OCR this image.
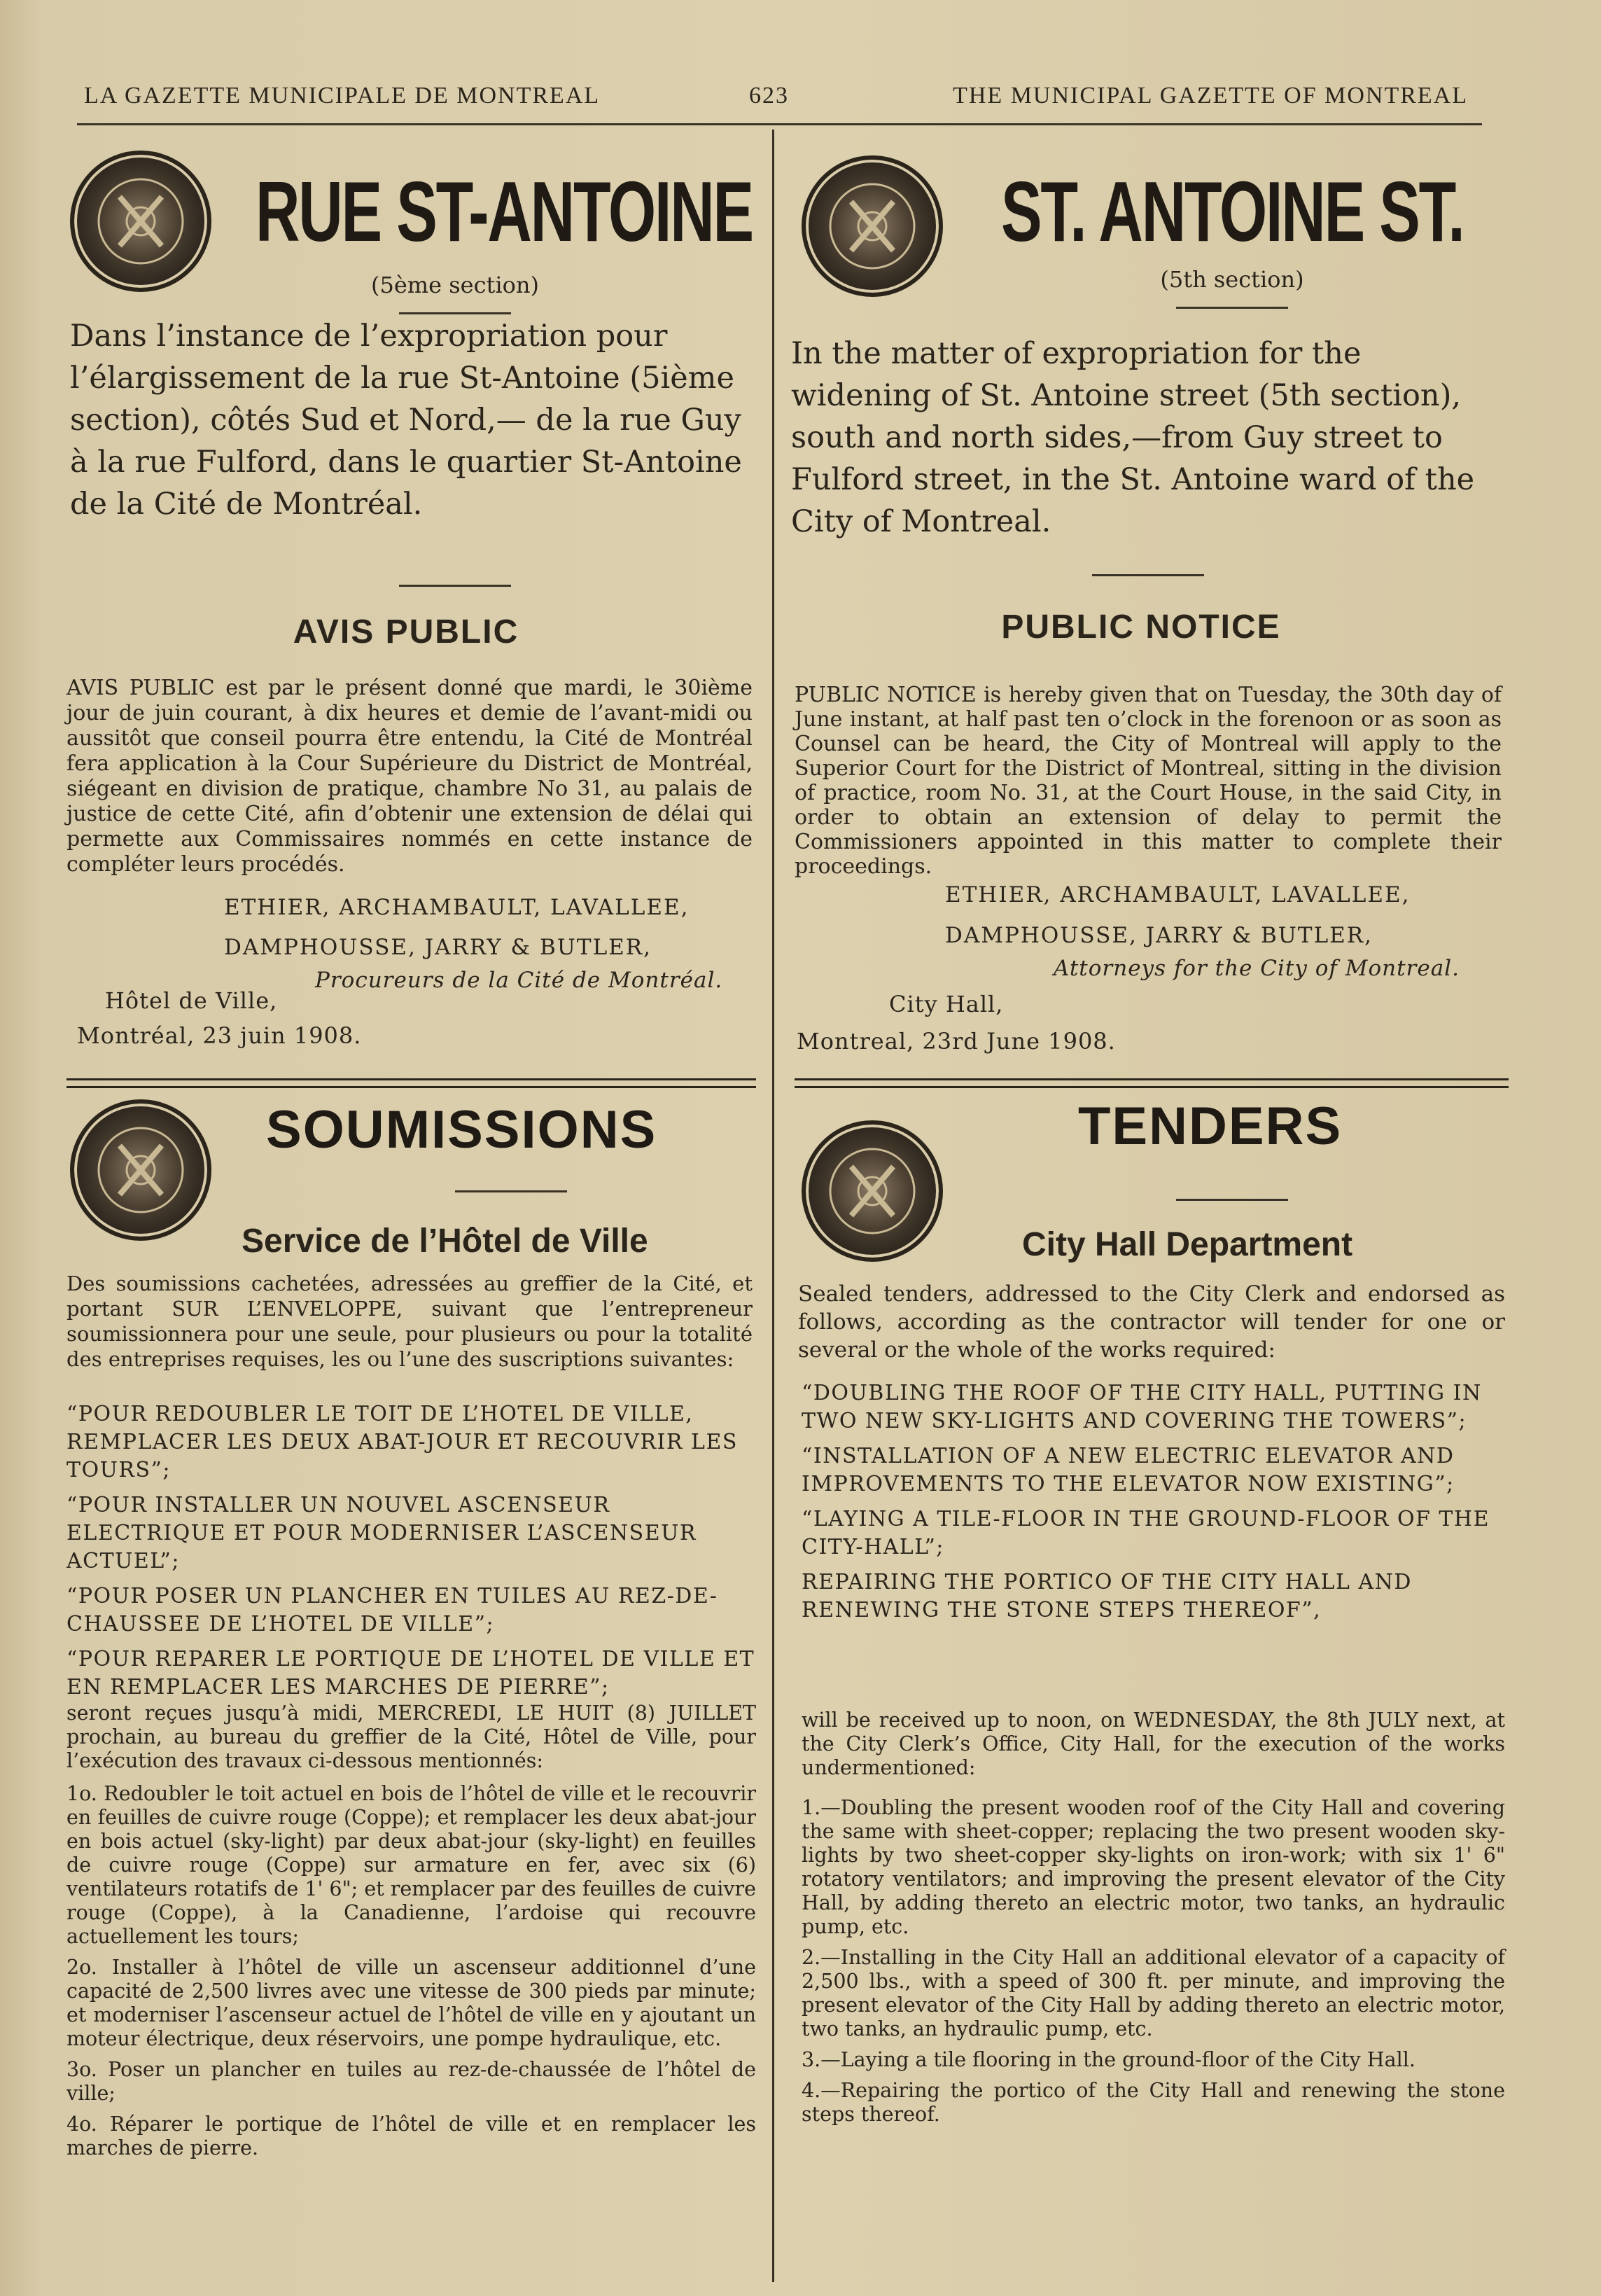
LA GAZETTE MUNICIPALE DE MONTREAL	623	THE MUNICIPAL GAZETTE OF MONTREAL
RUE ST-ANTOINE
(5ème section)
Dans l’instance de l’expropriation pour l’élargissement de la rue St-Antoine (5ième section), côtés Sud et Nord,— de la rue Guy à la rue Fulford, dans le quartier St-Antoine de la Cité de Montréal.
AVIS PUBLIC
AVIS PUBLIC est par le présent donné que mardi, le 30ième jour de juin courant, à dix heures et demie de l’avant-midi ou aussitôt que conseil pourra être entendu, la Cité de Montréal fera application à la Cour Supérieure du District de Montréal, siégeant en division de pratique, chambre No 31, au palais de justice de cette Cité, afin d’obtenir une extension de délai qui permette aux Commissaires nommés en cette instance de compléter leurs procédés.
ETHIER, ARCHAMBAULT, LAVALLEE,
DAMPHOUSSE, JARRY & BUTLER,
Procureurs de la Cité de Montréal.
Hôtel de Ville,
Montréal, 23 juin 1908.
SOUMISSIONS
Service de l’Hôtel de Ville
Des soumissions cachetées, adressées au greffier de la Cité, et portant SUR L’ENVELOPPE, suivant que l’entrepreneur soumissionnera pour une seule, pour plusieurs ou pour la totalité des entreprises requises, les ou l’une des suscriptions suivantes:

“POUR REDOUBLER LE TOIT DE L’HOTEL DE VILLE, REMPLACER LES DEUX ABAT-JOUR ET RECOUVRIR LES TOURS”;

“POUR INSTALLER UN NOUVEL ASCENSEUR ELECTRIQUE ET POUR MODERNISER L’ASCENSEUR ACTUEL”;

“POUR POSER UN PLANCHER EN TUILES AU REZ-DE-CHAUSSEE DE L’HOTEL DE VILLE”;

“POUR REPARER LE PORTIQUE DE L’HOTEL DE VILLE ET EN REMPLACER LES MARCHES DE PIERRE”;

seront reçues jusqu’à midi, MERCREDI, LE HUIT (8) JUILLET prochain, au bureau du greffier de la Cité, Hôtel de Ville, pour l’exécution des travaux ci-dessous mentionnés:

1o. Redoubler le toit actuel en bois de l’hôtel de ville et le recouvrir en feuilles de cuivre rouge (Coppe); et remplacer les deux abat-jour en bois actuel (sky-light) par deux abat-jour (sky-light) en feuilles de cuivre rouge (Coppe) sur armature en fer, avec six (6) ventilateurs rotatifs de 1' 6"; et remplacer par des feuilles de cuivre rouge (Coppe), à la Canadienne, l’ardoise qui recouvre actuellement les tours;

2o. Installer à l’hôtel de ville un ascenseur additionnel d’une capacité de 2,500 livres avec une vitesse de 300 pieds par minute; et moderniser l’ascenseur actuel de l’hôtel de ville en y ajoutant un moteur électrique, deux réservoirs, une pompe hydraulique, etc.

3o. Poser un plancher en tuiles au rez-de-chaussée de l’hôtel de ville;

4o. Réparer le portique de l’hôtel de ville et en remplacer les marches de pierre.

ST. ANTOINE ST.
(5th section)
In the matter of expropriation for the widening of St. Antoine street (5th section), south and north sides,—from Guy street to Fulford street, in the St. Antoine ward of the City of Montreal.
PUBLIC NOTICE
PUBLIC NOTICE is hereby given that on Tuesday, the 30th day of June instant, at half past ten o’clock in the forenoon or as soon as Counsel can be heard, the City of Montreal will apply to the Superior Court for the District of Montreal, sitting in the division of practice, room No. 31, at the Court House, in the said City, in order to obtain an extension of delay to permit the Commissioners appointed in this matter to complete their proceedings.
ETHIER, ARCHAMBAULT, LAVALLEE,
DAMPHOUSSE, JARRY & BUTLER,
Attorneys for the City of Montreal.
City Hall,
Montreal, 23rd June 1908.
TENDERS
City Hall Department
Sealed tenders, addressed to the City Clerk and endorsed as follows, according as the contractor will tender for one or several or the whole of the works required:

“DOUBLING THE ROOF OF THE CITY HALL, PUTTING IN TWO NEW SKY-LIGHTS AND COVERING THE TOWERS”;

“INSTALLATION OF A NEW ELECTRIC ELEVATOR AND IMPROVEMENTS TO THE ELEVATOR NOW EXISTING”;

“LAYING A TILE-FLOOR IN THE GROUND-FLOOR OF THE CITY-HALL”;

REPAIRING THE PORTICO OF THE CITY HALL AND RENEWING THE STONE STEPS THEREOF”,

will be received up to noon, on WEDNESDAY, the 8th JULY next, at the City Clerk’s Office, City Hall, for the execution of the works undermentioned:

1.—Doubling the present wooden roof of the City Hall and covering the same with sheet-copper; replacing the two present wooden sky-lights by two sheet-copper sky-lights on iron-work; with six 1' 6" rotatory ventilators; and improving the present elevator of the City Hall, by adding thereto an electric motor, two tanks, an hydraulic pump, etc.

2.—Installing in the City Hall an additional elevator of a capacity of 2,500 lbs., with a speed of 300 ft. per minute, and improving the present elevator of the City Hall by adding thereto an electric motor, two tanks, an hydraulic pump, etc.

3.—Laying a tile flooring in the ground-floor of the City Hall.

4.—Repairing the portico of the City Hall and renewing the stone steps thereof.
